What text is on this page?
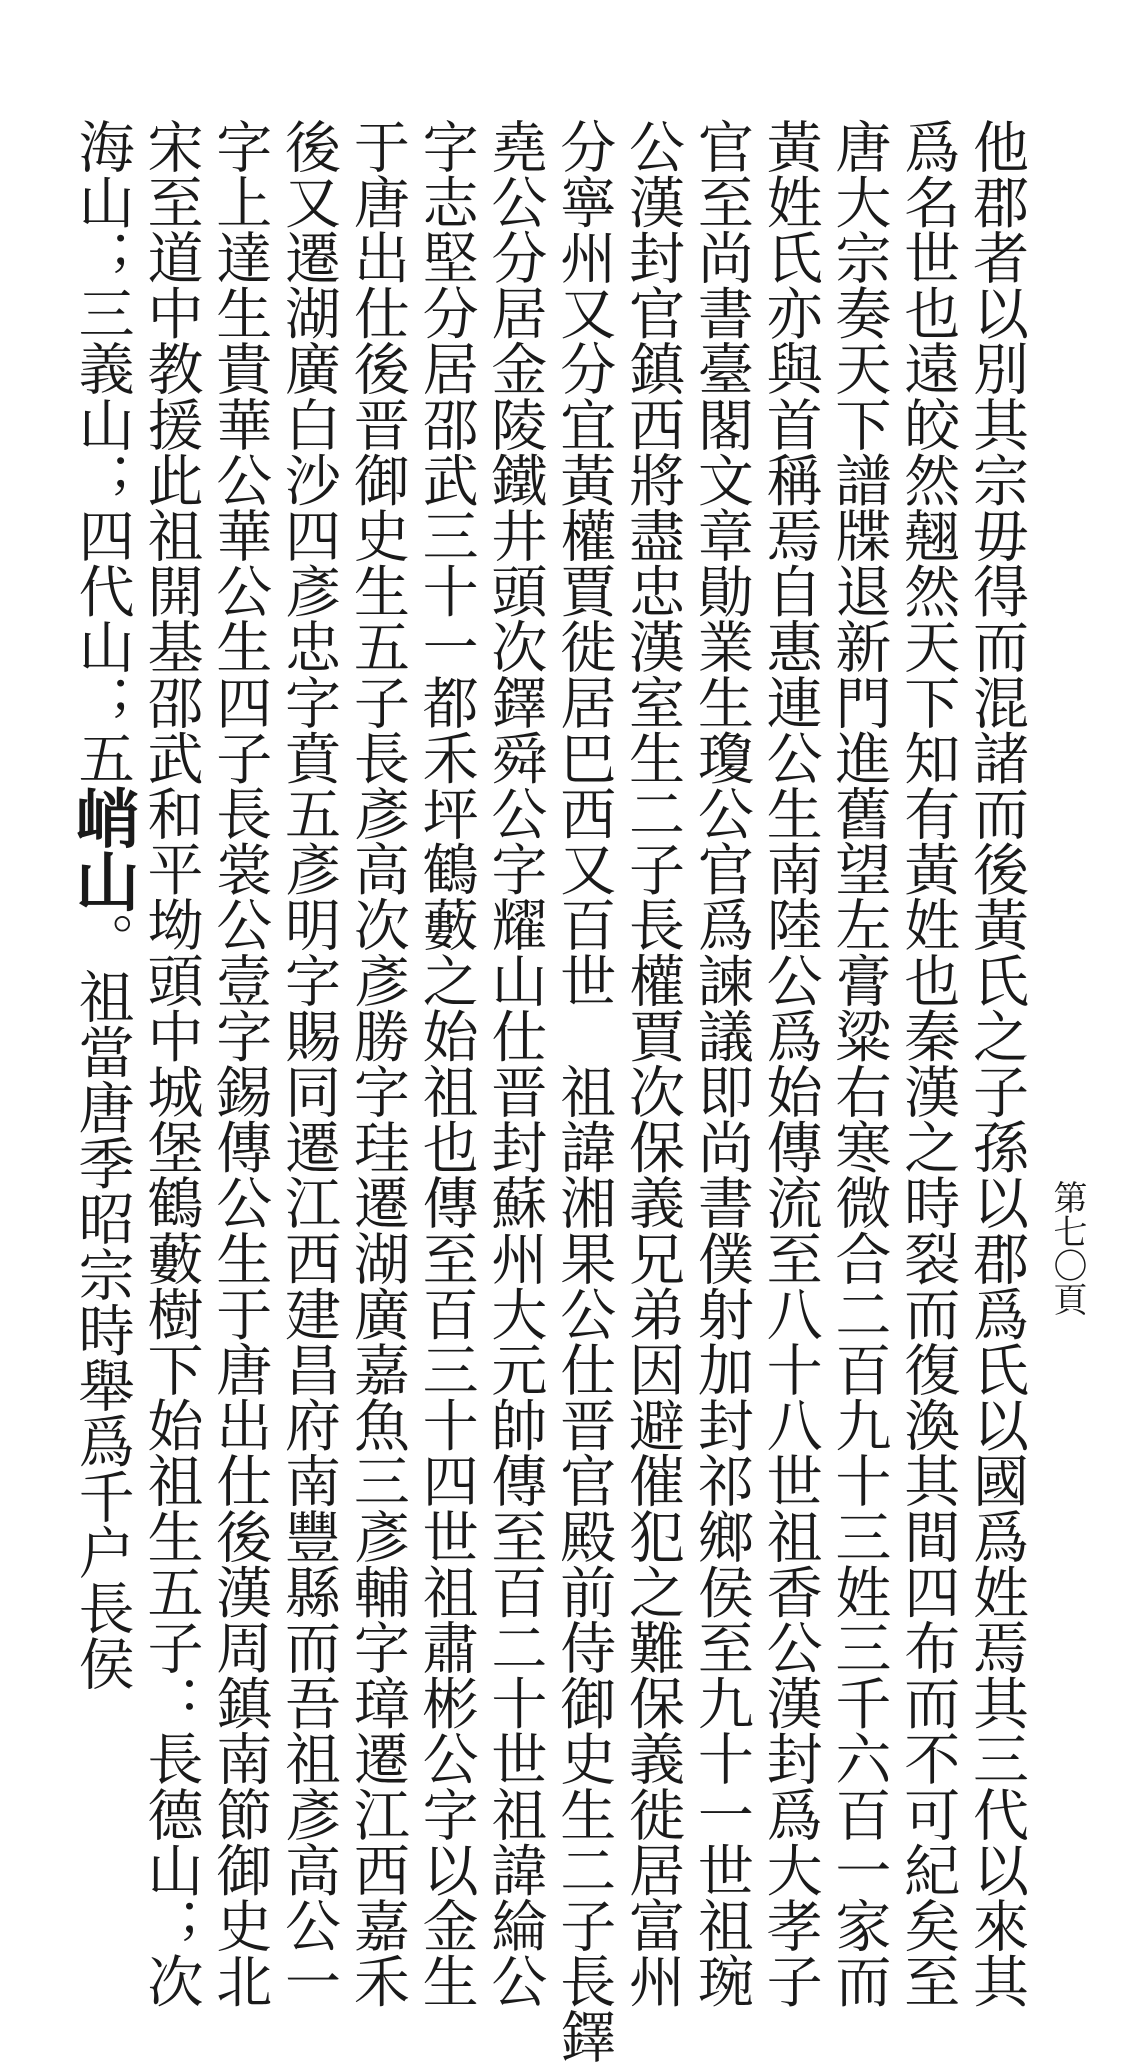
第七〇頁
他郡者以別其宗毋得而混諸而後黃氏之子孫以郡爲氏以國爲姓焉其三代以來其
爲名世也遠皎然翹然天下知有黃姓也秦漢之時裂而復渙其間四布而不可紀矣至
唐大宗奏天下譜牒退新門進舊望左膏粱右寒微合二百九十三姓三千六百一家而
黃姓氏亦與首稱焉自惠連公生南陸公爲始傳流至八十八世祖香公漢封爲大孝子
官至尚書臺閣文章勛業生瓊公官爲諫議即尚書僕射加封祁鄉侯至九十一世祖琬
公漢封官鎮西將盡忠漢室生二子長權賈次保義兄弟因避催犯之難保義徙居富州
分寧州又分宜黃權賈徙居巴西又百世　祖諱湘果公仕晋官殿前侍御史生二子長鐸
堯公分居金陵鐵井頭次鐸舜公字耀山仕晋封蘇州大元帥傳至百二十世祖諱綸公
字志堅分居邵武三十一都禾坪鶴藪之始祖也傳至百三十四世祖肅彬公字以金生
于唐出仕後晋御史生五子長彥高次彥勝字珪遷湖廣嘉魚三彥輔字璋遷江西嘉禾
後又遷湖廣白沙四彥忠字賁五彥明字賜同遷江西建昌府南豐縣而吾祖彥高公一
字上達生貴華公華公生四子長裳公壹字錫傳公生于唐出仕後漢周鎮南節御史北
宋至道中教援此祖開基邵武和平坳頭中城堡鶴藪樹下始祖生五子：長德山；次
海山；三義山；四代山；五峭山。祖當唐季昭宗時舉爲千户長侯
